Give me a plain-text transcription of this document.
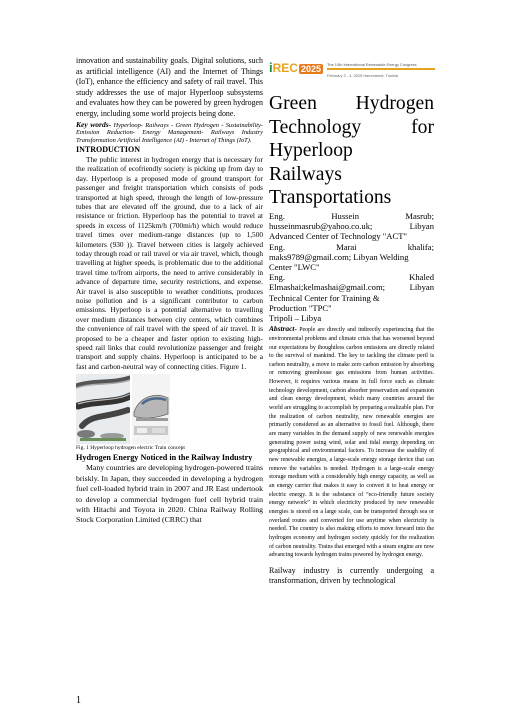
innovation and sustainability goals. Digital solutions, such as artificial intelligence (AI) and the Internet of Things (IoT), enhance the efficiency and safety of rail travel. This study addresses the use of major Hyperloop subsystems and evaluates how they can be powered by green hydrogen energy, including some world projects being done.

Key words- Hyperloop- Railways - Green Hydrogen - Sustainability- Emission Reduction- Energy Management- Railways Industry Transformation Artificial Intelligence (AI) - Internet of Things (IoT).

INTRODUCTION

The public interest in hydrogen energy that is necessary for the realization of ecofriendly society is picking up from day to day. Hyperloop is a proposed mode of ground transport for passenger and freight transportation which consists of pods transported at high speed, through the length of low-pressure tubes that are elevated off the ground, due to a lack of air resistance or friction. Hyperloop has the potential to travel at speeds in excess of 1125km/h (700mi/h) which would reduce travel times over medium-range distances (up to 1,500 kilometers (930 )). Travel between cities is largely achieved today through road or rail travel or via air travel, which, though travelling at higher speeds, is problematic due to the additional travel time to/from airports, the need to arrive considerably in advance of departure time, security restrictions, and expense. Air travel is also susceptible to weather conditions, produces noise pollution and is a significant contributor to carbon emissions. Hyperloop is a potential alternative to travelling over medium distances between city centers, which combines the convenience of rail travel with the speed of air travel. It is proposed to be a cheaper and faster option to existing high-speed rail links that could revolutionize passenger and freight transport and supply chains. Hyperloop is anticipated to be a fast and carbon-neutral way of connecting cities. Figure 1.

Fig. 1 Hyperloop hydrogen electric Train concept

Hydrogen Energy Noticed in the Railway Industry

Many countries are developing hydrogen-powered trains briskly. In Japan, they succeeded in developing a hydrogen fuel cell-loaded hybrid train in 2007 and JR East undertook to develop a commercial hydrogen fuel cell hybrid train with Hitachi and Toyota in 2020. China Railway Rolling Stock Corporation Limited (CRRC) that

1
i REC 2025	The 10th International Renewable Energy Congress
February 2 - 4, 2025 Hammamet, Tunisia
Green Hydrogen
Technology	for
Hyperloop
Railways
Transportations
Eng.	Hussein	Masrub;
husseinmasrub@yahoo.co.uk;	Libyan
Advanced Center of Technology "ACT"
Eng.	Marai	khalifa;
maks9789@gmail.com; Libyan Welding
Center "LWC"
Eng.	Khaled
Elmashai;kelmashai@gmail.com;	Libyan
Technical Center for Training &
Production "TPC"
Tripoli – Libya

Abstract- People are directly and indirectly experiencing that the environmental problems and climate crisis that has worsened beyond our expectations by thoughtless carbon emissions are directly related to the survival of mankind. The key to tackling the climate peril is carbon neutrality, a move to make zero carbon emission by absorbing or removing greenhouse gas emissions from human activities. However, it requires various means in full force such as climate technology development, carbon absorber preservation and expansion and clean energy development, which many countries around the world are struggling to accomplish by preparing a realizable plan. For the realization of carbon neutrality, new renewable energies are primarily considered as an alternative to fossil fuel. Although, there are many variables in the demand supply of new renewable energies generating power using wind, solar and tidal energy depending on geographical and environmental factors. To increase the usability of new renewable energies, a large-scale energy storage device that can remove the variables is needed. Hydrogen is a large-scale energy storage medium with a considerably high energy capacity, as well as an energy carrier that makes it easy to convert it to heat energy or electric energy. It is the substance of “eco-friendly future society energy network” in which electricity produced by new renewable energies is stored on a large scale, can be transported through sea or overland routes and converted for use anytime when electricity is needed. The country is also making efforts to move forward into the hydrogen economy and hydrogen society quickly for the realization of carbon neutrality. Trains that emerged with a steam engine are now advancing towards hydrogen trains powered by hydrogen energy.

Railway industry is currently undergoing a transformation, driven by technological
